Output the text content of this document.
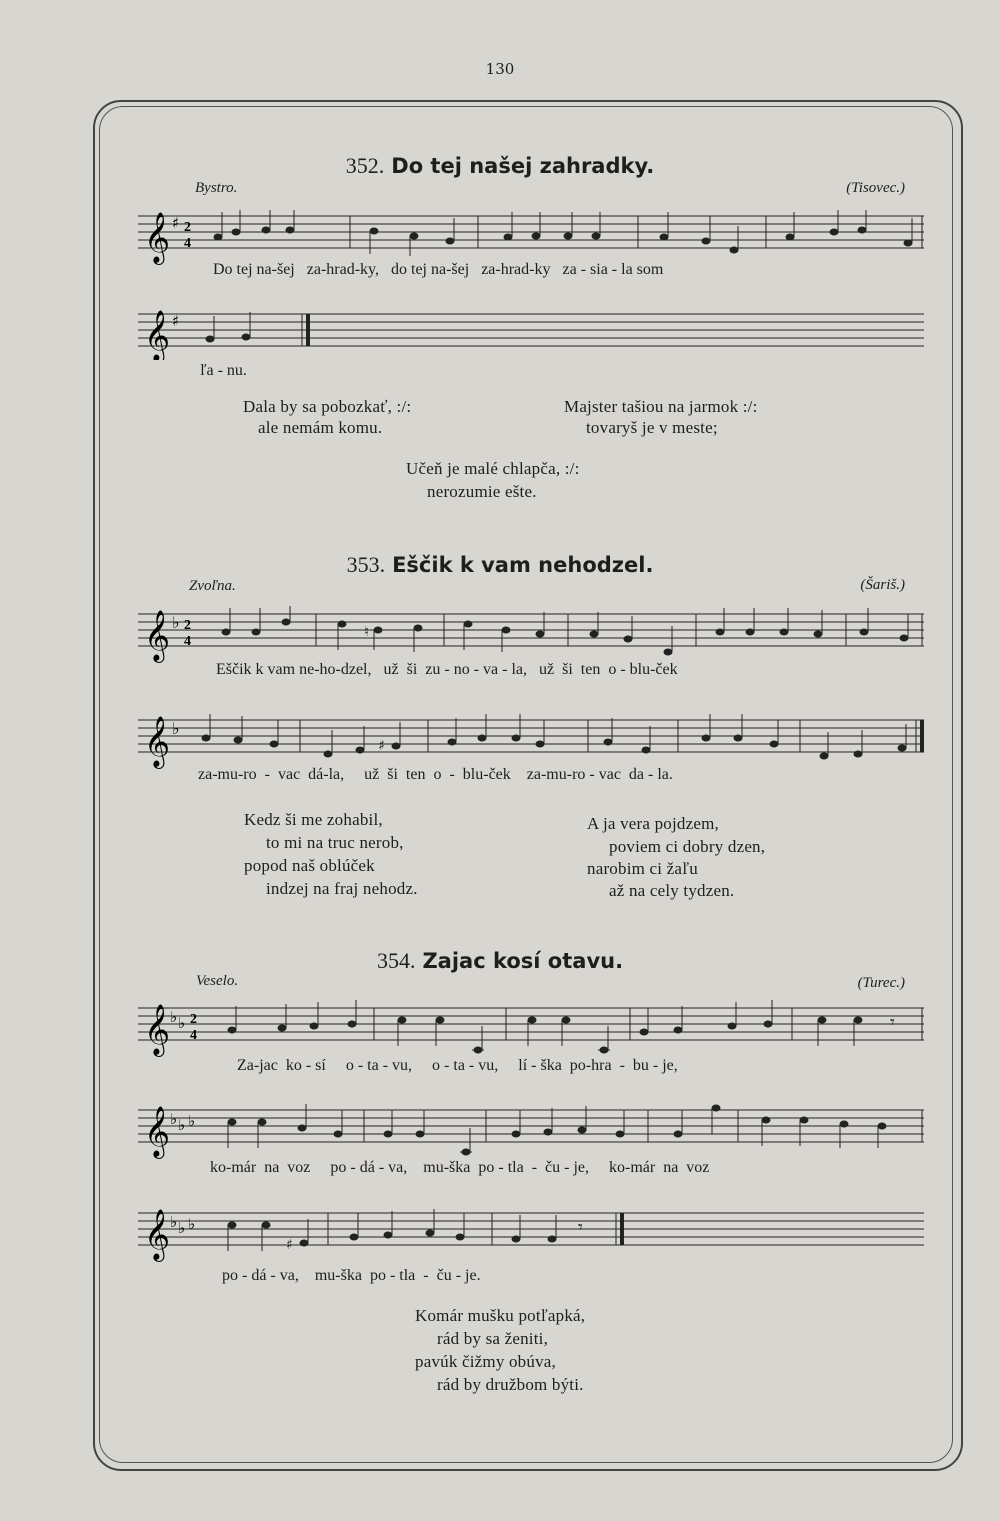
130
352. Do tej našej zahradky.
Bystro.	(Tisovec.)
𝄞 ♯ 2
4
Do tej na-šej   za-hrad-ky,   do tej na-šej   za-hrad-ky   za - sia - la som
𝄞 ♯
ľa - nu.
Dala by sa pobozkať, :/:
ale nemám komu.
Majster tašiou na jarmok :/:
tovaryš je v meste;
Učeň je malé chlapča, :/:
nerozumie ešte.
353. Eščik k vam nehodzel.
Zvoľna.	(Šariš.)
𝄞 ♭ 2
4
♮
Eščik k vam ne-ho-dzel,   už  ši  zu - no - va - la,   už  ši  ten  o - blu-ček
𝄞 ♭
♯
za-mu-ro  -  vac  dá-la,     už  ši  ten  o  -  blu-ček    za-mu-ro - vac  da - la.
Kedz ši me zohabil,
to mi na truc nerob,
popod naš oblúček
indzej na fraj nehodz.
A ja vera pojdzem,
poviem ci dobry dzen,
narobim ci žaľu
až na cely tydzen.
354. Zajac kosí otavu.
Veselo.	(Turec.)
𝄞 ♭ ♭ 2
4
𝄾
Za-jac  ko - sí     o - ta - vu,     o - ta - vu,     lí - ška  po-hra  -  bu - je,
𝄞 ♭ ♭ ♭
ko-már  na  voz     po - dá - va,    mu-ška  po - tla  -  ču - je,     ko-már  na  voz
𝄞 ♭ ♭ ♭
♯
𝄾
po - dá - va,    mu-ška  po - tla  -  ču - je.
Komár mušku potľapká,
rád by sa ženiti,
pavúk čižmy obúva,
rád by družbom býti.
